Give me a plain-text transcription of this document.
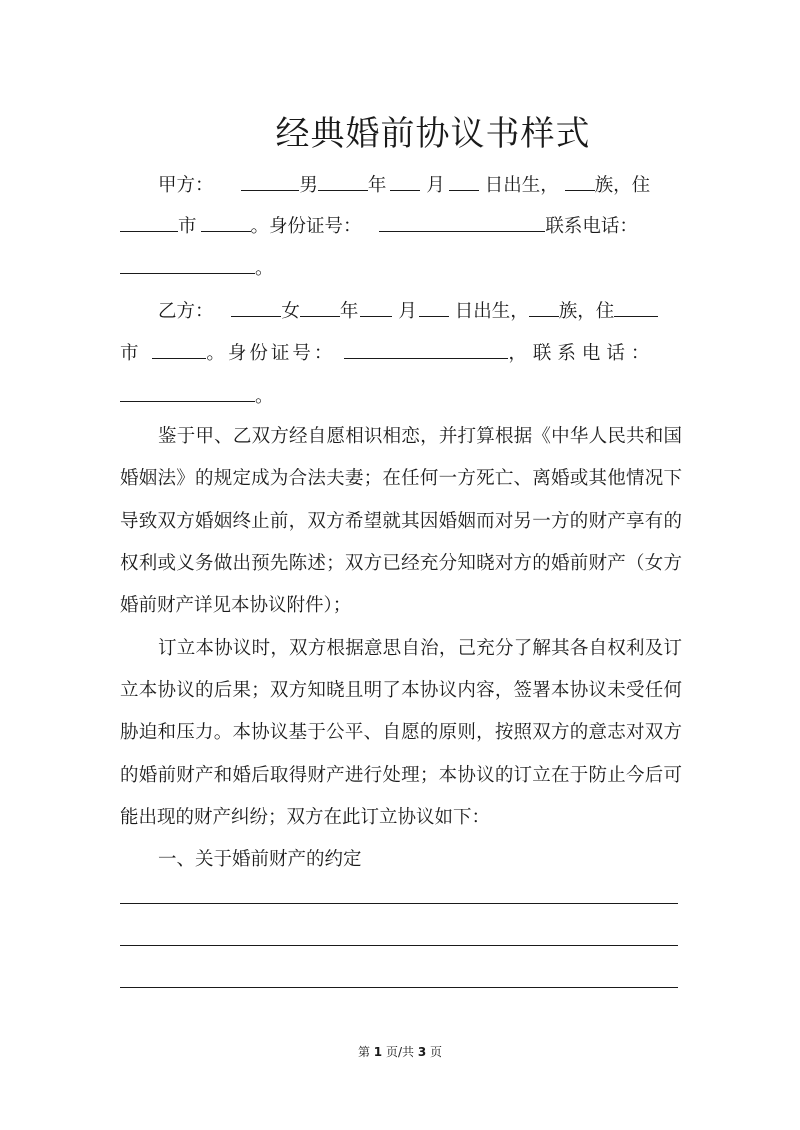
经典婚前协议书样式
甲方：	男	年 月 日出生， 族，住
市	。身份证号：	联系电话：
。
乙方：	女 年 月 日出生， 族，住
市	。身份证号：	，联系电话：
。
鉴于甲、乙双方经自愿相识相恋，并打算根据《中华人民共和国
婚姻法》的规定成为合法夫妻；在任何一方死亡、离婚或其他情况下
导致双方婚姻终止前，双方希望就其因婚姻而对另一方的财产享有的
权利或义务做出预先陈述；双方已经充分知晓对方的婚前财产（女方
婚前财产详见本协议附件）；
订立本协议时，双方根据意思自治，己充分了解其各自权利及订
立本协议的后果；双方知晓且明了本协议内容，签署本协议未受任何
胁迫和压力。本协议基于公平、自愿的原则，按照双方的意志对双方
的婚前财产和婚后取得财产进行处理；本协议的订立在于防止今后可
能出现的财产纠纷；双方在此订立协议如下：
一、关于婚前财产的约定
第 1 页/共 3 页
